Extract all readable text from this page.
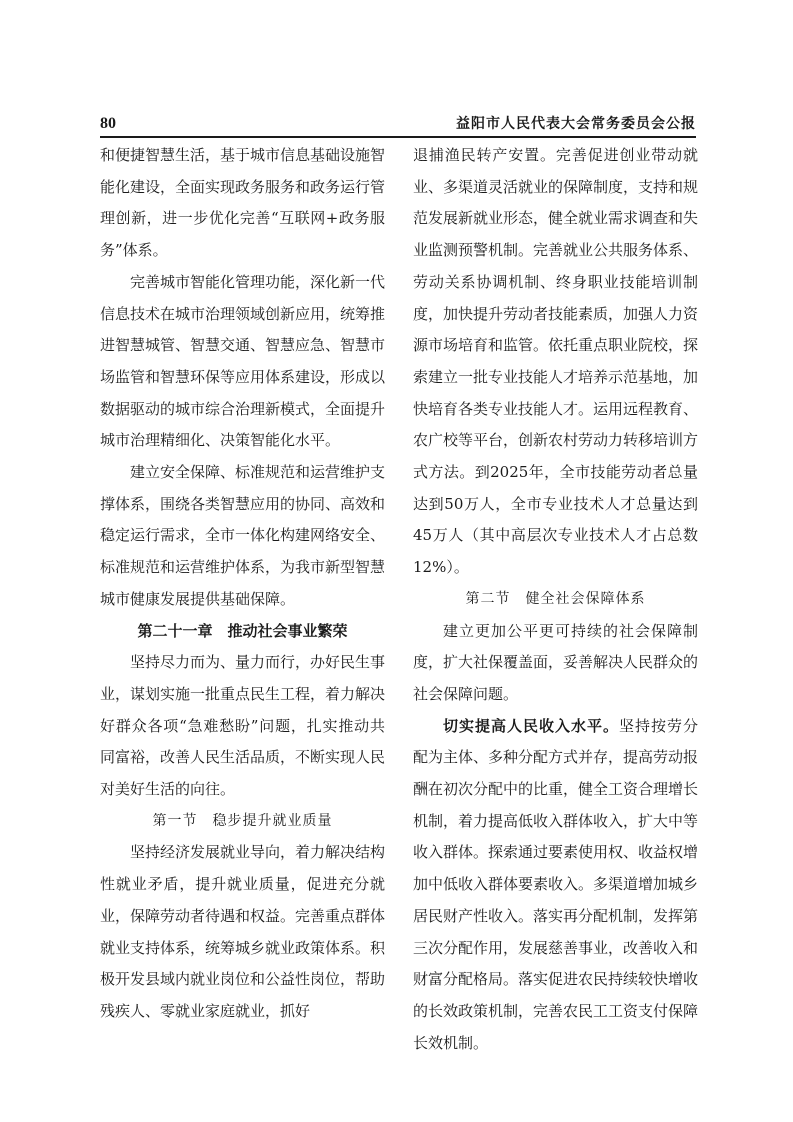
80	益阳市人民代表大会常务委员会公报

和便捷智慧生活，基于城市信息基础设施智能化建设，全面实现政务服务和政务运行管理创新，进一步优化完善“互联网+政务服务”体系。

完善城市智能化管理功能，深化新一代信息技术在城市治理领域创新应用，统筹推进智慧城管、智慧交通、智慧应急、智慧市场监管和智慧环保等应用体系建设，形成以数据驱动的城市综合治理新模式，全面提升城市治理精细化、决策智能化水平。

建立安全保障、标准规范和运营维护支撑体系，围绕各类智慧应用的协同、高效和稳定运行需求，全市一体化构建网络安全、标准规范和运营维护体系，为我市新型智慧城市健康发展提供基础保障。

第二十一章　推动社会事业繁荣

坚持尽力而为、量力而行，办好民生事业，谋划实施一批重点民生工程，着力解决好群众各项“急难愁盼”问题，扎实推动共同富裕，改善人民生活品质，不断实现人民对美好生活的向往。

第一节　稳步提升就业质量

坚持经济发展就业导向，着力解决结构性就业矛盾，提升就业质量，促进充分就业，保障劳动者待遇和权益。完善重点群体就业支持体系，统筹城乡就业政策体系。积极开发县域内就业岗位和公益性岗位，帮助残疾人、零就业家庭就业，抓好

退捕渔民转产安置。完善促进创业带动就业、多渠道灵活就业的保障制度，支持和规范发展新就业形态，健全就业需求调查和失业监测预警机制。完善就业公共服务体系、劳动关系协调机制、终身职业技能培训制度，加快提升劳动者技能素质，加强人力资源市场培育和监管。依托重点职业院校，探索建立一批专业技能人才培养示范基地，加快培育各类专业技能人才。运用远程教育、农广校等平台，创新农村劳动力转移培训方式方法。到2025年，全市技能劳动者总量达到50万人，全市专业技术人才总量达到45万人（其中高层次专业技术人才占总数12%）。

第二节　健全社会保障体系

建立更加公平更可持续的社会保障制度，扩大社保覆盖面，妥善解决人民群众的社会保障问题。

切实提高人民收入水平。坚持按劳分配为主体、多种分配方式并存，提高劳动报酬在初次分配中的比重，健全工资合理增长机制，着力提高低收入群体收入，扩大中等收入群体。探索通过要素使用权、收益权增加中低收入群体要素收入。多渠道增加城乡居民财产性收入。落实再分配机制，发挥第三次分配作用，发展慈善事业，改善收入和财富分配格局。落实促进农民持续较快增收的长效政策机制，完善农民工工资支付保障长效机制。
